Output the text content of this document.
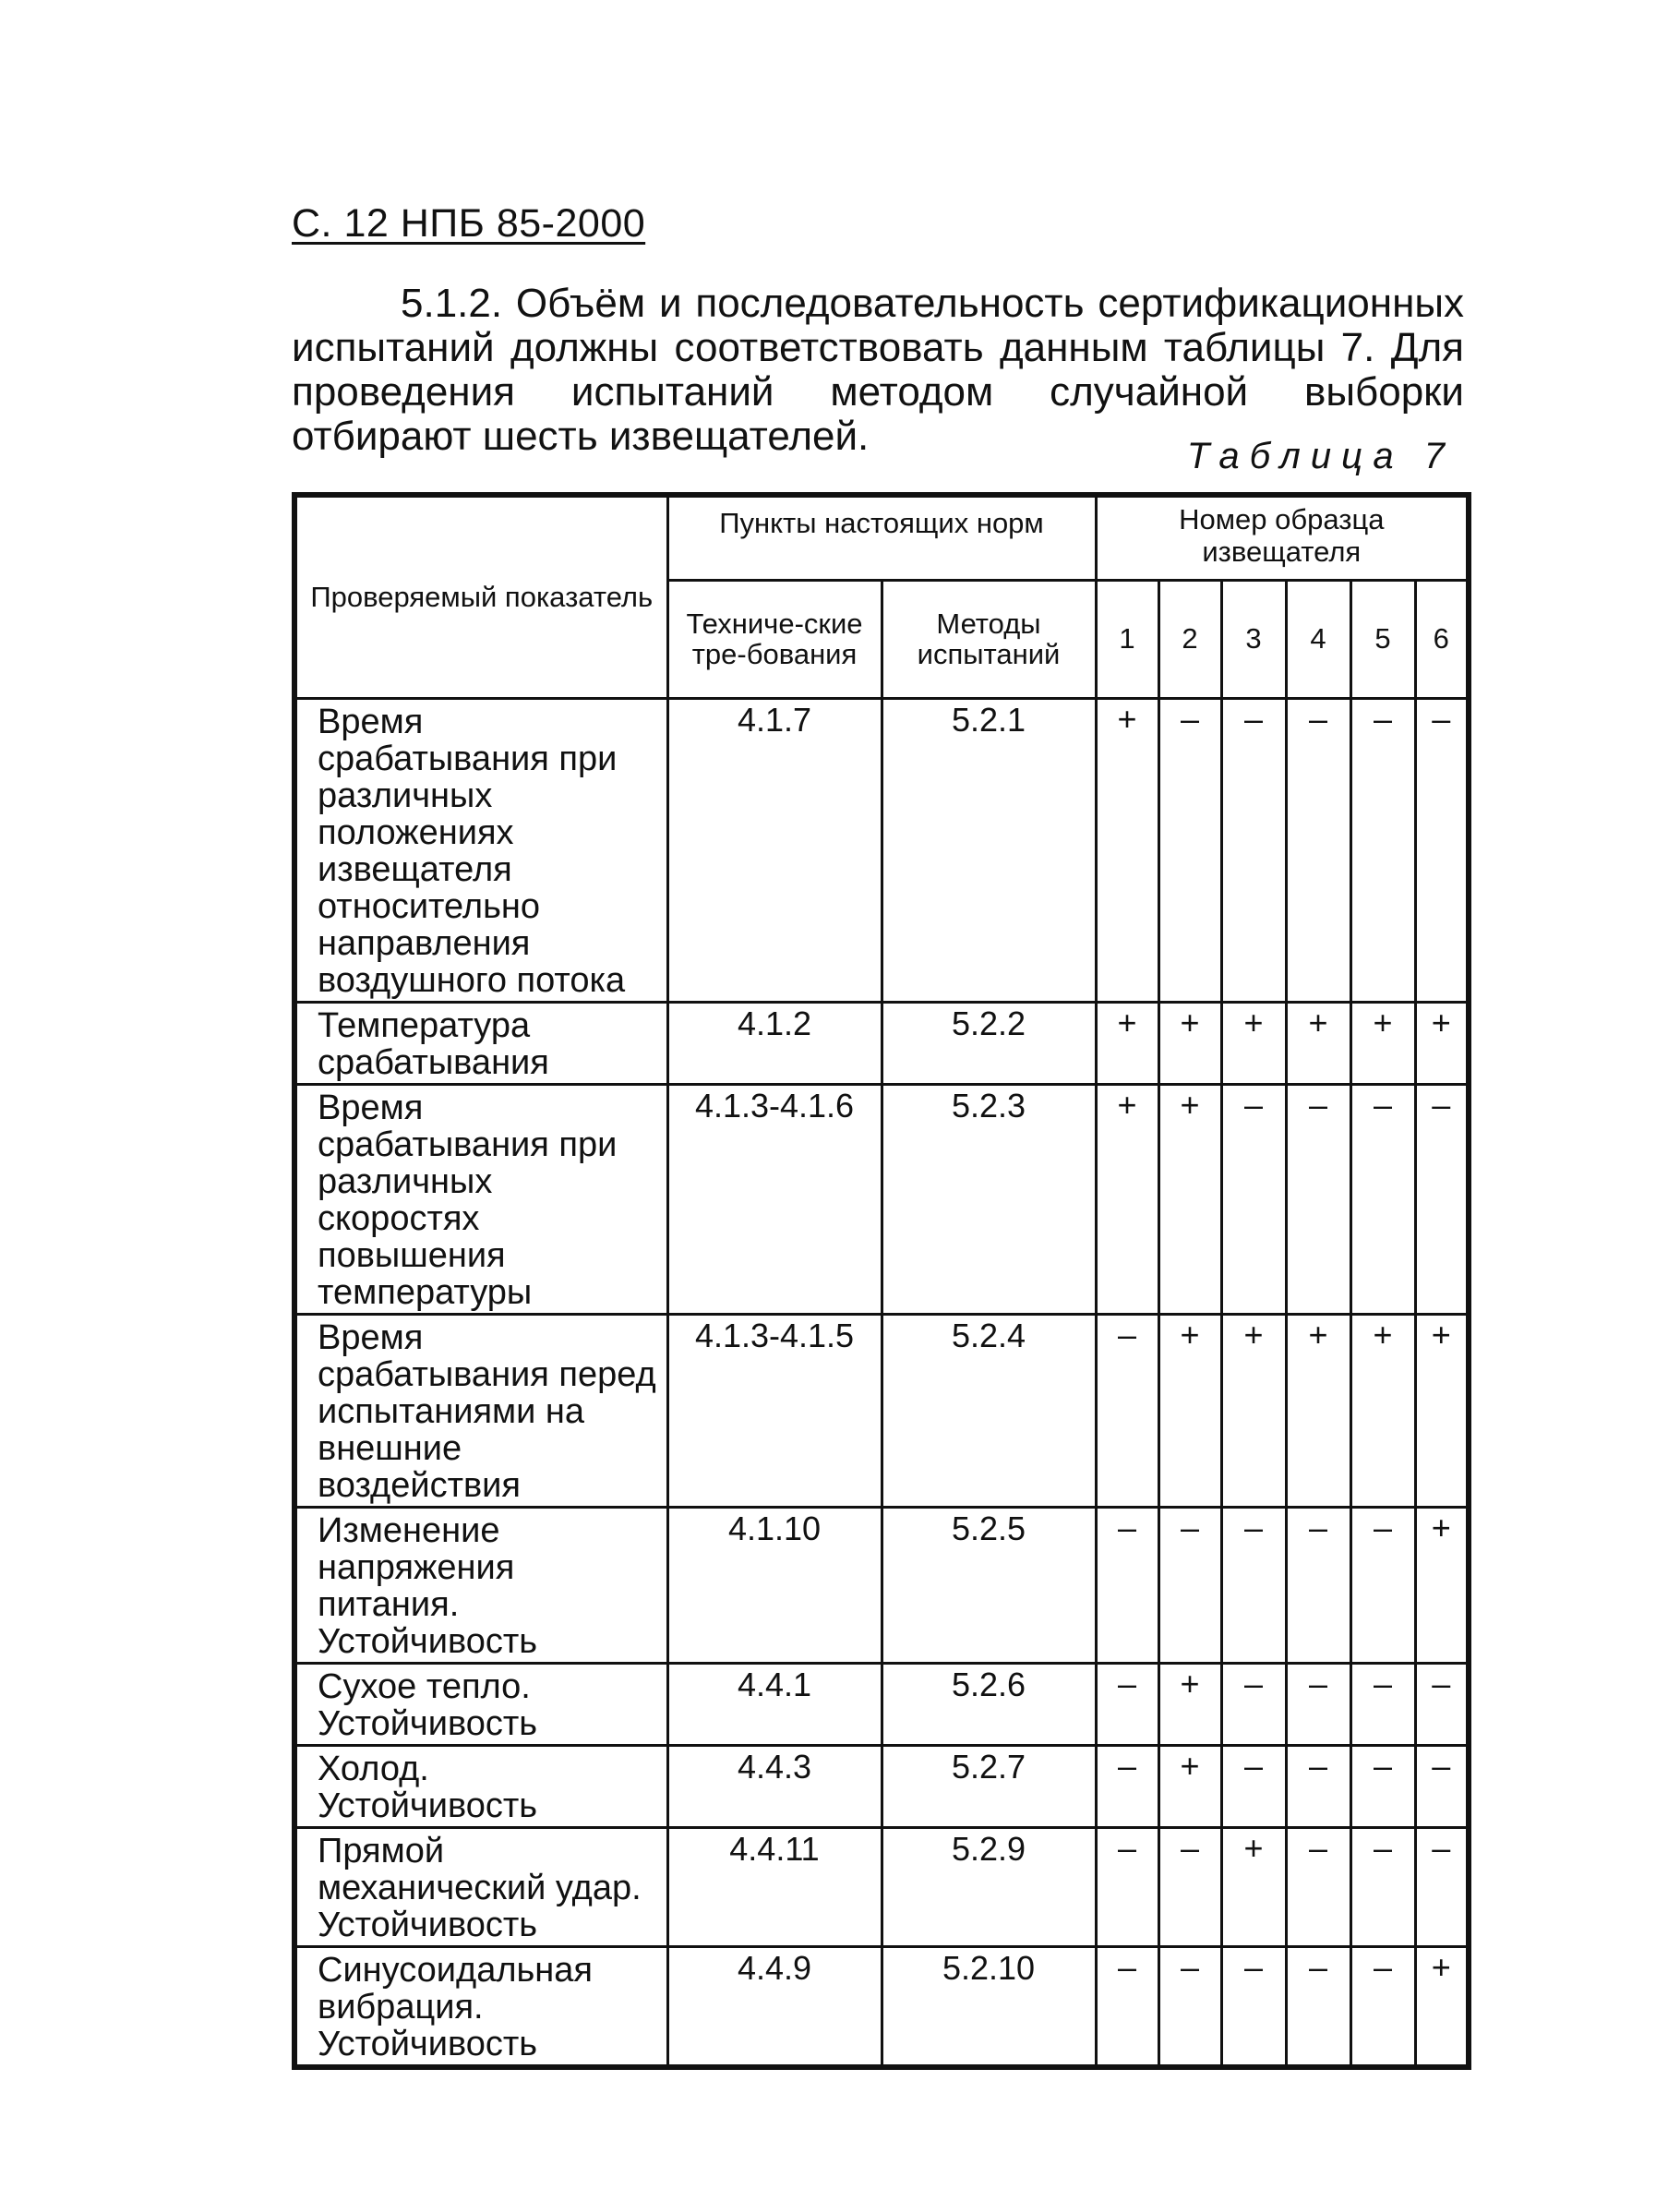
С. 12 НПБ 85-2000

5.1.2. Объём и последовательность сертификационных испытаний должны соответствовать данным таблицы 7. Для проведения испытаний методом случайной выборки отбирают шесть извещателей.	Таблица 7
Проверяемый показатель	Пункты настоящих норм		Номер образца извещателя					
	Техниче-ские тре-бования	Методы испытаний	1	2	3	4	5	6
Время срабатывания при различных положениях извещателя относительно направления воздушного потока	4.1.7	5.2.1	+	–	–	–	–	–
Температура срабатывания	4.1.2	5.2.2	+	+	+	+	+	+
Время срабатывания при различных скоростях повышения температуры	4.1.3-4.1.6	5.2.3	+	+	–	–	–	–
Время срабатывания перед испытаниями на внешние воздействия	4.1.3-4.1.5	5.2.4	–	+	+	+	+	+
Изменение напряжения питания. Устойчивость	4.1.10	5.2.5	–	–	–	–	–	+
Сухое тепло. Устойчивость	4.4.1	5.2.6	–	+	–	–	–	–
Холод. Устойчивость	4.4.3	5.2.7	–	+	–	–	–	–
Прямой механический удар. Устойчивость	4.4.11	5.2.9	–	–	+	–	–	–
Синусоидальная вибрация. Устойчивость	4.4.9	5.2.10	–	–	–	–	–	+
